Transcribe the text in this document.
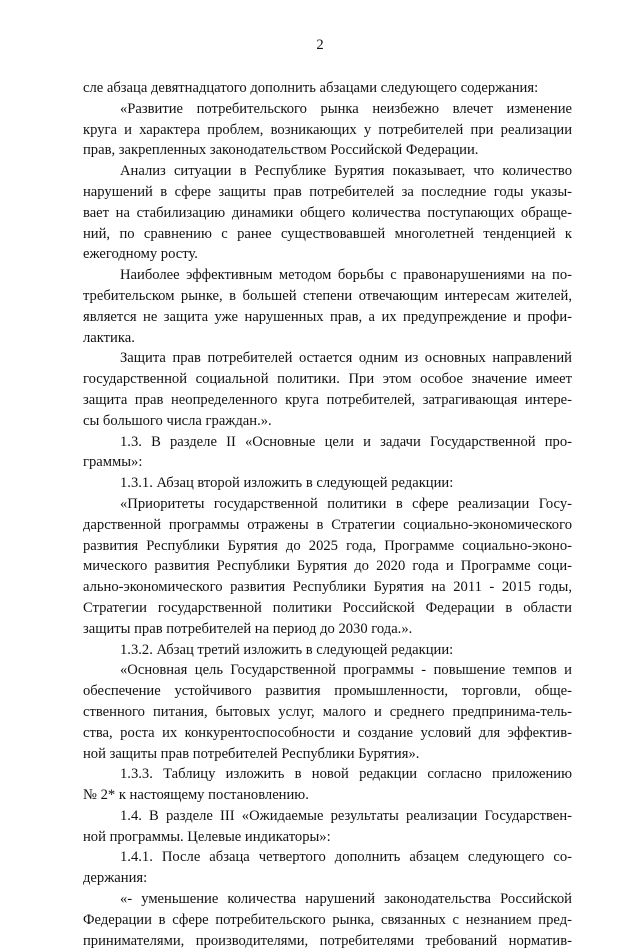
2
сле абзаца девятнадцатого дополнить абзацами следующего содержания:
«Развитие потребительского рынка неизбежно влечет изменение
круга и характера проблем, возникающих у потребителей при реализации
прав, закрепленных законодательством Российской Федерации.
Анализ ситуации в Республике Бурятия показывает, что количество
нарушений в сфере защиты прав потребителей за последние годы указы-
вает на стабилизацию динамики общего количества поступающих обраще-
ний, по сравнению с ранее существовавшей многолетней тенденцией к
ежегодному росту.
Наиболее эффективным методом борьбы с правонарушениями на по-
требительском рынке, в большей степени отвечающим интересам жителей,
является не защита уже нарушенных прав, а их предупреждение и профи-
лактика.
Защита прав потребителей остается одним из основных направлений
государственной социальной политики. При этом особое значение имеет
защита прав неопределенного круга потребителей, затрагивающая интере-
сы большого числа граждан.».
1.3. В разделе II «Основные цели и задачи Государственной про-
граммы»:
1.3.1. Абзац второй изложить в следующей редакции:
«Приоритеты государственной политики в сфере реализации Госу-
дарственной программы отражены в Стратегии социально-экономического
развития Республики Бурятия до 2025 года, Программе социально-эконо-
мического развития Республики Бурятия до 2020 года и Программе соци-
ально-экономического развития Республики Бурятия на 2011 - 2015 годы,
Стратегии государственной политики Российской Федерации в области
защиты прав потребителей на период до 2030 года.».
1.3.2. Абзац третий изложить в следующей редакции:
«Основная цель Государственной программы - повышение темпов и
обеспечение устойчивого развития промышленности, торговли, обще-
ственного питания, бытовых услуг, малого и среднего предпринима-тель-
ства, роста их конкурентоспособности и создание условий для эффектив-
ной защиты прав потребителей Республики Бурятия».
1.3.3. Таблицу изложить в новой редакции согласно приложению
№ 2* к настоящему постановлению.
1.4. В разделе III «Ожидаемые результаты реализации Государствен-
ной программы. Целевые индикаторы»:
1.4.1. После абзаца четвертого дополнить абзацем следующего со-
держания:
«- уменьшение количества нарушений законодательства Российской
Федерации в сфере потребительского рынка, связанных с незнанием пред-
принимателями, производителями, потребителями требований норматив-
